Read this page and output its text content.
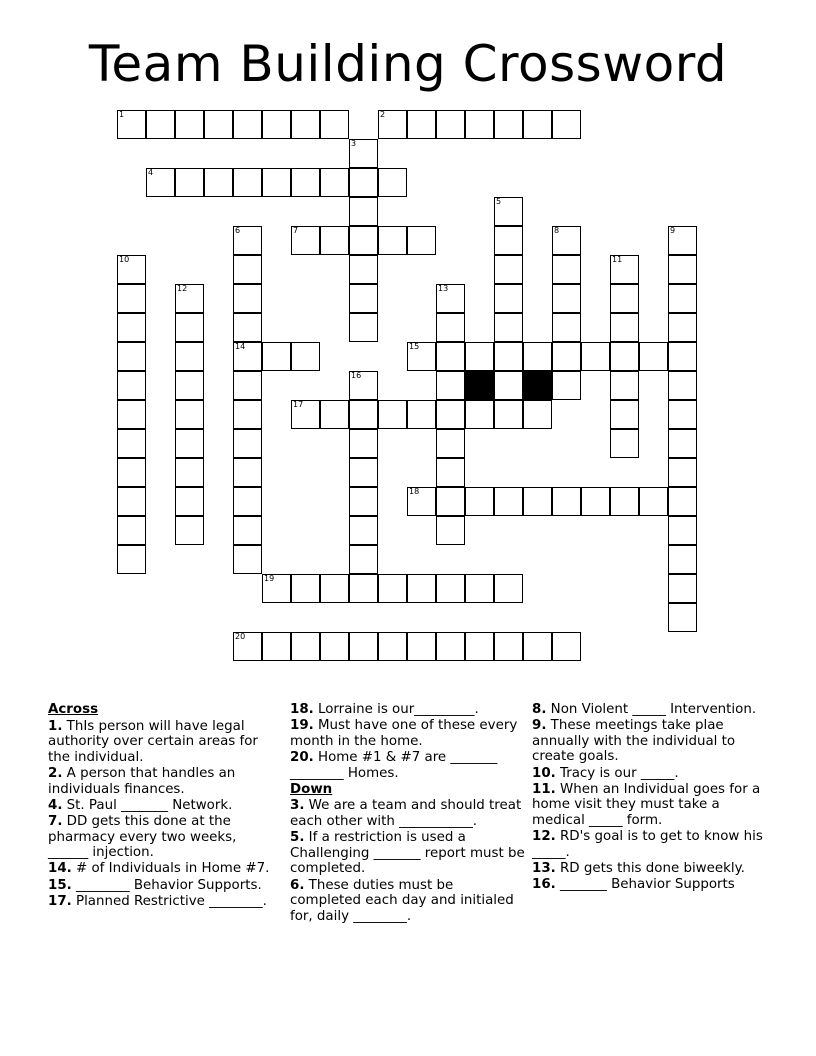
Team Building Crossword
1	2
4
7
14	15
17
18
19
20
3
5
6	8	9
10	11
12	13
16
Across
1. ThIs person will have legal authority over certain areas for the individual.
2. A person that handles an individuals finances.
4. St. Paul _______ Network.
7. DD gets this done at the pharmacy every two weeks, ______ injection.
14. # of Individuals in Home #7.
15. ________ Behavior Supports.
17. Planned Restrictive ________.
18. Lorraine is our_________.
19. Must have one of these every month in the home.
20. Home #1 & #7 are _______ ________ Homes.
Down
3. We are a team and should treat each other with ___________.
5. If a restriction is used a Challenging _______ report must be completed.
6. These duties must be completed each day and initialed for, daily ________.
8. Non Violent _____ Intervention.
9. These meetings take plae annually with the individual to create goals.
10. Tracy is our _____.
11. When an Individual goes for a home visit they must take a medical _____ form.
12. RD's goal is to get to know his _____.
13. RD gets this done biweekly.
16. _______ Behavior Supports
